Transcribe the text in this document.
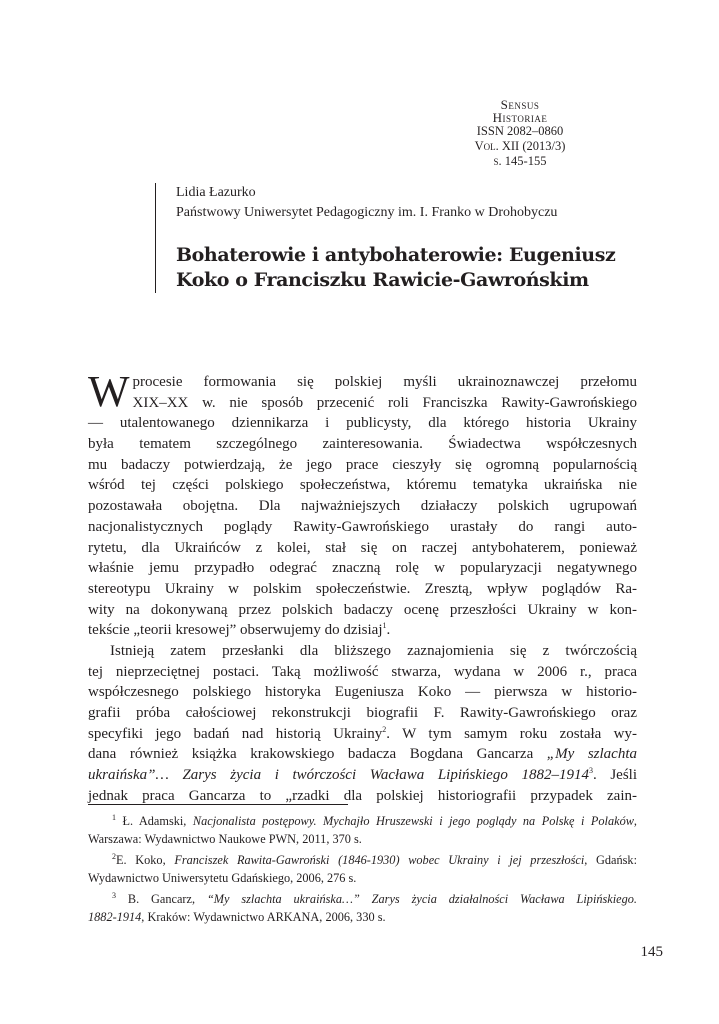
Sensus
Historiae
ISSN 2082–0860
Vol. XII (2013/3)
s. 145-155
Lidia Łazurko
Państwowy Uniwersytet Pedagogiczny im. I. Franko w Drohobyczu
Bohaterowie i antybohaterowie: Eugeniusz
Koko o Franciszku Rawicie-Gawrońskim

W procesie formowania się polskiej myśli ukrainoznawczej przełomu
XIX–XX w. nie sposób przecenić roli Franciszka Rawity-Gawrońskiego
— utalentowanego dziennikarza i publicysty, dla którego historia Ukrainy
była tematem szczególnego zainteresowania. Świadectwa współczesnych
mu badaczy potwierdzają, że jego prace cieszyły się ogromną popularnością
wśród tej części polskiego społeczeństwa, któremu tematyka ukraińska nie
pozostawała obojętna. Dla najważniejszych działaczy polskich ugrupowań
nacjonalistycznych poglądy Rawity-Gawrońskiego urastały do rangi auto-
rytetu, dla Ukraińców z kolei, stał się on raczej antybohaterem, ponieważ
właśnie jemu przypadło odegrać znaczną rolę w popularyzacji negatywnego
stereotypu Ukrainy w polskim społeczeństwie. Zresztą, wpływ poglądów Ra-
wity na dokonywaną przez polskich badaczy ocenę przeszłości Ukrainy w kon-
tekście „teorii kresowej” obserwujemy do dzisiaj$^1$.

Istnieją zatem przesłanki dla bliższego zaznajomienia się z twórczością
tej nieprzeciętnej postaci. Taką możliwość stwarza, wydana w 2006 r., praca
współczesnego polskiego historyka Eugeniusza Koko — pierwsza w historio-
grafii próba całościowej rekonstrukcji biografii F. Rawity-Gawrońskiego oraz
specyfiki jego badań nad historią Ukrainy$^2$. W tym samym roku została wy-
dana również książka krakowskiego badacza Bogdana Gancarza „My szlachta
ukraińska”… Zarys życia i twórczości Wacława Lipińskiego 1882–1914$^3$. Jeśli
jednak praca Gancarza to „rzadki dla polskiej historiografii przypadek zain-

$^1$ Ł. Adamski, Nacjonalista postępowy. Mychajło Hruszewski i jego poglądy na Polskę i Polaków,
Warszawa: Wydawnictwo Naukowe PWN, 2011, 370 s.
$^2$E. Koko, Franciszek Rawita-Gawroński (1846-1930) wobec Ukrainy i jej przeszłości, Gdańsk:
Wydawnictwo Uniwersytetu Gdańskiego, 2006, 276 s.
$^3$ B. Gancarz, “My szlachta ukraińska…” Zarys życia działalności Wacława Lipińskiego.
1882-1914, Kraków: Wydawnictwo ARKANA, 2006, 330 s.
145
